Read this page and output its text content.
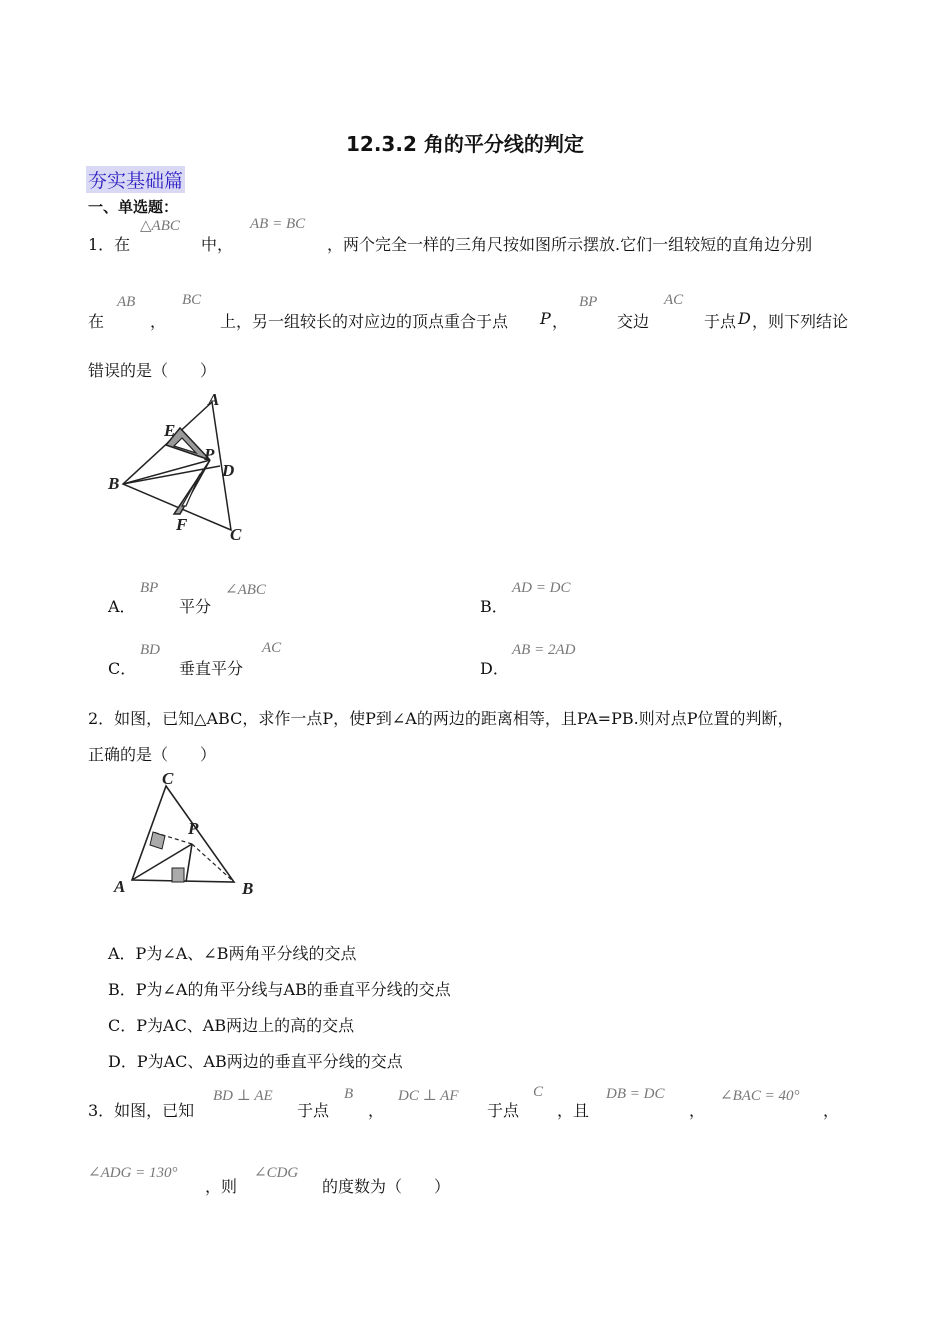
12.3.2 角的平分线的判定
夯实基础篇
一、单选题：
1．在
△ABC
中，
AB = BC
，两个完全一样的三角尺按如图所示摆放.它们一组较短的直角边分别
在
AB
，
BC
上，另一组较长的对应边的顶点重合于点 P ，
BP
交边
AC
于点 D ，则下列结论
错误的是（　　）
A
E
P
D
B
F
C
A．
BP
平分
∠ABC
B．
AD = DC
C．
BD
垂直平分
AC
D．
AB = 2AD
2．如图，已知△ABC，求作一点P，使P到∠A的两边的距离相等，且PA=PB.则对点P位置的判断，
正确的是（　　）
C
P
A	B
A．P为∠A、∠B两角平分线的交点
B．P为∠A的角平分线与AB的垂直平分线的交点
C．P为AC、AB两边上的高的交点
D．P为AC、AB两边的垂直平分线的交点
3．如图，已知
BD ⊥ AE
于点
B
，
DC ⊥ AF
于点
C
，且
DB = DC
，
∠BAC = 40°
，
∠ADG = 130°
，则
∠CDG
的度数为（　　）
